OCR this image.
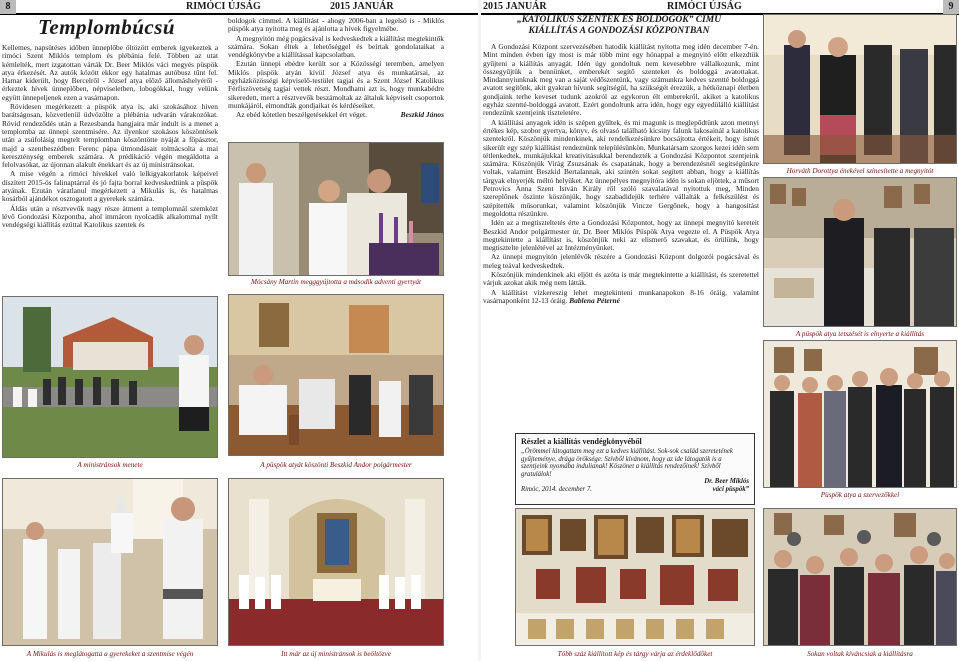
8	RIMÓCI ÚJSÁG	2015 JANUÁR
Templombúcsú

Kellemes, napsütéses időben ünneplőbe öltözött emberek igyekeztek a rimóci Szent Miklós templom és plébánia felé. Többen az utat kémlelték, mert izgatottan várták Dr. Beer Miklós váci megyés püspök atya érkezését. Az autók között ekkor egy hatalmas autóbusz tűnt fel. Hamar kiderült, hogy Bercelről - József atya előző állomáshelyéről - érkeztek hívek ünneplőben, népviseletben, lobogókkal, hogy velünk együtt ünnepeljenek ezen a vasárnapon.

Rövidesen megérkezett a püspök atya is, aki szokásához híven barátságosan, közvetlenül üdvözölte a plébánia udvarán várakozókat. Rövid rendeződés után a Rezesbanda hangjaira már indult is a menet a templomba az ünnepi szentmisére. Az ilyenkor szokásos köszöntések után a zsúfolásig megtelt templomban köszöntötte nyáját a főpásztor, majd a szentbeszédben Ferenc pápa útmondásait tolmácsolta a mai kereszténység emberek számára. A prédikáció végén megáldotta a felolvasókat, az újonnan alakult énekkart és az új ministránsokat.

A mise végén a rimóci hívekkel való lelkigyakorlatok képeivel díszített 2015-ös falinaptárral és jó fajta borral kedveskedtünk a püspök atyának. Ezután váratlanul megérkezett a Mikulás is, és hatalmas kosárból ajándékot osztogatott a gyerekek számára.

Áldás után a résztvevők nagy része átment a templomnál szemközt lévő Gondozási Központba, ahol immáron nyolcadik alkalommal nyílt vendégségi kiállítás ezúttal Katolikus szentek és

boldogok címmel. A kiállítást - ahogy 2006-ban a legelső is - Miklós püspök atya nyitotta meg és ajánlotta a hívek figyelmébe.

A megnyitón még pogácsával is kedveskedtek a kiállítást megtekintők számára. Sokan éltek a lehetőséggel és beírtak gondolataikat a vendégkönyvbe a kiállítással kapcsolatban.

Ezután ünnepi ebédre került sor a Közösségi teremben, amelyen Miklós püspök atyán kívül József atya és munkatársai, az egyházközösségi képviselő-testület tagjai és a Szent József Katolikus Férfiszövetség tagjai vettek részt. Mondhatni azt is, hogy munkabédre sikeredett, mert a résztvevők beszámoltak az általuk képviselt csoportok munkájáról, elmondták gondjaikat és kérdéseiket.

Az ebéd kötetlen beszélgetésekkel ért véget.	Beszkid János

Mócsány Martin megggyújtotta a második adventi gyertyát
A ministránsok menete	A püspök atyát köszönti Beszkid Andor polgármester
A Mikulás is meglátogatta a gyerekeket a szentmise végén	Itt már az új ministránsok is beöltözve
2015 JANUÁR	RIMÓCI ÚJSÁG	9
„KATOLIKUS SZENTEK ÉS BOLDOGOK” CÍMŰ
KIÁLLÍTÁS A GONDOZÁSI KÖZPONTBAN

A Gondozási Központ szervezésében hatodik kiállítást nyitotta meg idén december 7-én. Mint minden évben így most is már több mint egy hónappal a megnyitó előtt elkezdtük gyűjteni a kiállítás anyagát. Idén úgy gondoltuk nem kevesebbre vállalkozunk, mint összegyűjtük a bennünket, emberekét segítő szenteket és boldoggá avatottakat. Mindannyiunknak meg van a saját védőszentünk, vagy számunkra kedves szentté boldoggá avatott segítőnk, akit gyakran hívunk segítségül, ha szükségét érezzük, a hétköznapi életben gondjaink terhe keveset tudunk azokról az egykoron élt emberekről, akiket a katolikus egyház szentté-boldoggá avatott. Ezért gondoltunk arra idén, hogy egy egyedülálló kiállítást rendezünk szentjeink tiszteletére.

A kiállítási anyagok idén is szépen gyűltek, és mi magunk is meglepődtünk azon mennyi értékes kép, szobor gyertya, könyv, és olvasó található kicsiny falunk lakosainál a katolikus szentekről. Köszönjük mindenkinek, aki rendelkezésünkre bocsájtotta értékeit, hogy ismét sikerült egy szép kiállítást rendeznünk településünkön. Munkatársam szorgos kezei idén sem tétlenkedtek, munkájukkal kreativitásukkal berendezték a Gondozási Központot szentjeink számára. Köszönjük Virág Zsuzsának és csapatának, hogy a berendezésnél segítségünkre voltak, valamint Beszkid Bertalannak, aki szintén sokat segített abban, hogy a kiállítás tárgyak elnyerjék méltó helyüket. Az ünnepélyes megnyitóra idén is sokan eljöttek, a műsort Petrovics Anna Szent István Király ről szóló szavalatával nyitottuk meg, Minden szereplőnek őszinte köszönjük, hogy szabadidejük terhére vállalták a felkészülést és szépítették műsorunkat, valamint köszönjük Vincze Gergőnek, hogy a hangosítást megoldotta részünkre.

Idén az a megtiszteltetés érte a Gondozási Központot, hogy az ünnepi megnyitó kereteit Beszkid Andor polgármester úr, Dr. Beer Miklós Püspök Atya vegezte el. A Püspök Atya megtekintette a kiállítást is, köszönjük neki az elismerő szavakat, és örülünk, hogy megtisztelte jelenlétével az Intézményünket.

Az ünnepi megnyitón jelenlévők részére a Gondozási Központ dolgozói pogácsával és meleg teával kedveskedtek.

Köszönjük mindenkinek aki eljött és azóta is már megtekintette a kiállítást, és szeretettel várjuk azokat akik még nem látták.

A kiállítást vízkereszig lehet megtekinteni munkanapokon 8-16 óráig, valamint vasárnaponként 12-13 óráig. Bablena Péterné

Részlet a kiállítás vendégkönyvéből

„Örömmel látogattam meg ezt a kedves kiállítást. Sok-sok család szeretetének gyűjteménye, drága öröksége. Szívből kívánom, hogy az ide látogatók is a szentjeink nyomába indulianak! Köszönet a kiállítás rendezőinek! Szívből gratulálok!

Dr. Beer Miklós

Rimóc, 2014. december 7.	váci püspök”

Horváth Dorottya énekével színesítette a megnyitót
A püspök atya tetszését is elnyerte a kiállítás
Püspök atya a szervezőkkel
Több száz kiállított kép és tárgy várja az érdeklődőket	Sokan voltak kíváncsiak a kiállításra
